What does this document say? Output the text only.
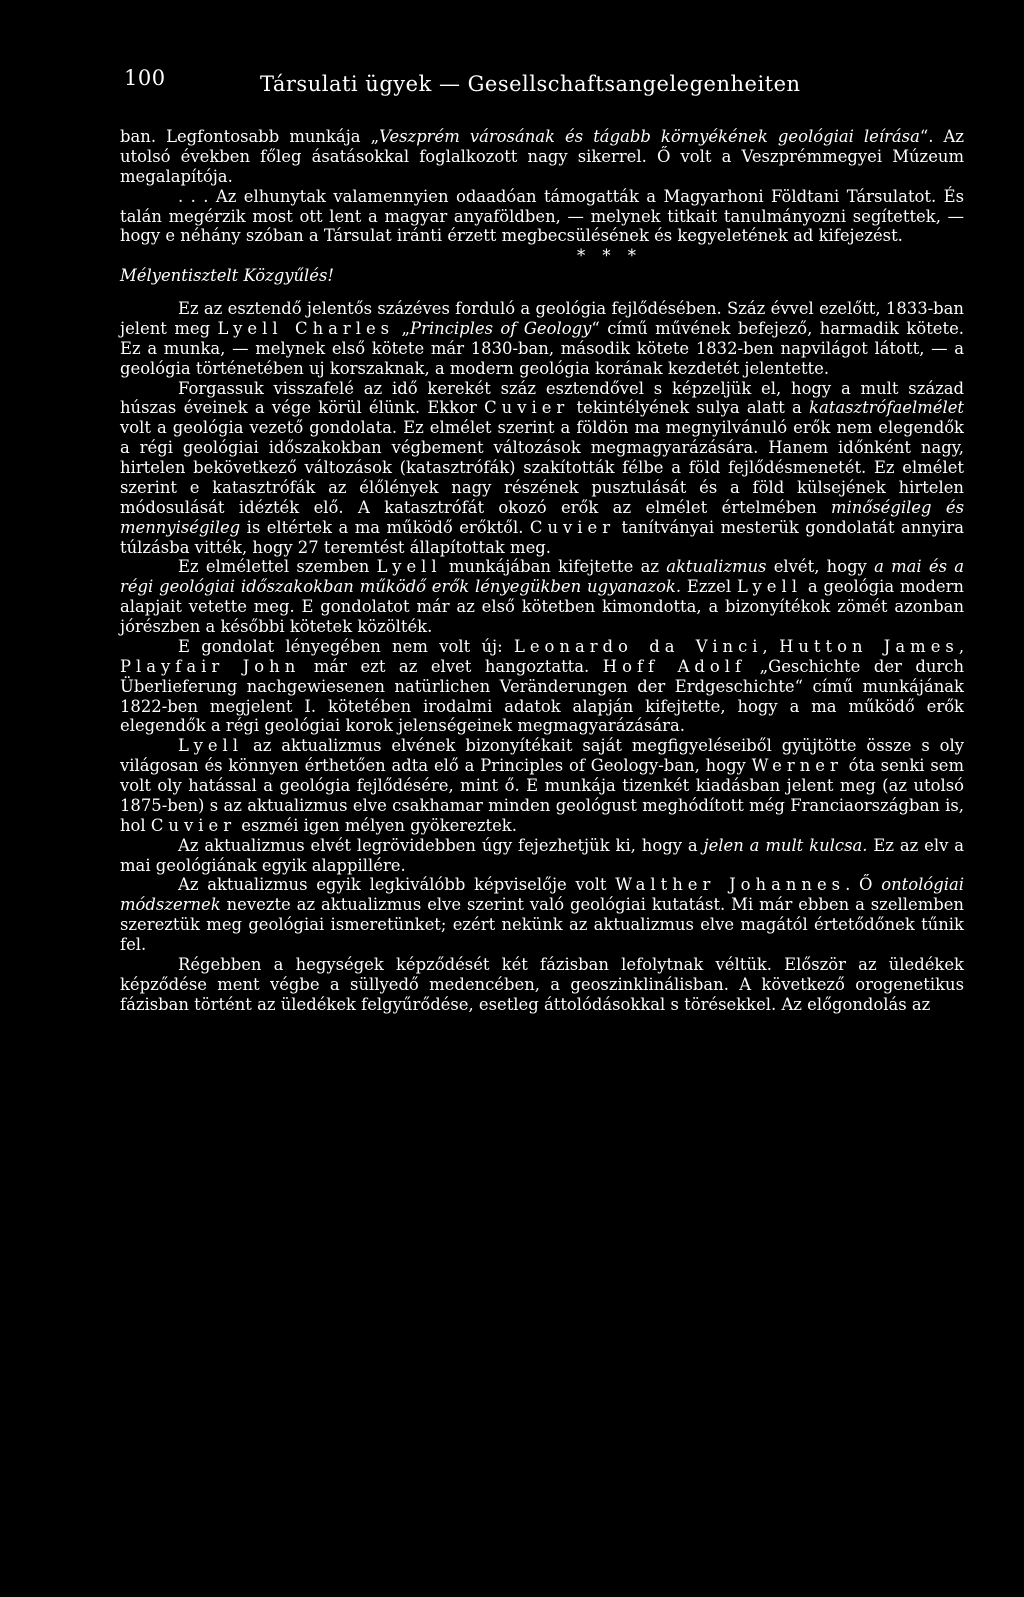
100	Társulati ügyek — Gesellschaftsangelegenheiten

ban. Legfontosabb munkája „Veszprém városának és tágabb környékének geológiai leírása“. Az utolsó években főleg ásatásokkal foglalkozott nagy sikerrel. Ő volt a Veszprémmegyei Múzeum megalapítója.

. . . Az elhunytak valamennyien odaadóan támogatták a Magyarhoni Földtani Társulatot. És talán megérzik most ott lent a magyar anyaföldben, — melynek titkait tanulmányozni segítettek, — hogy e néhány szóban a Társulat iránti érzett megbecsülésének és kegyeletének ad kifejezést.

* * *

Mélyentisztelt Közgyűlés!

Ez az esztendő jelentős százéves forduló a geológia fejlődésében. Száz évvel ezelőtt, 1833-ban jelent meg Lyell Charles „Principles of Geology“ című művének befejező, harmadik kötete. Ez a munka, — melynek első kötete már 1830-ban, második kötete 1832-ben napvilágot látott, — a geológia történetében uj korszaknak, a modern geológia korának kezdetét jelentette.

Forgassuk visszafelé az idő kerekét száz esztendővel s képzeljük el, hogy a mult század húszas éveinek a vége körül élünk. Ekkor Cuvier tekintélyének sulya alatt a katasztrófaelmélet volt a geológia vezető gondolata. Ez elmélet szerint a földön ma megnyilvánuló erők nem elegendők a régi geológiai időszakokban végbement változások megmagyarázására. Hanem időnként nagy, hirtelen bekövetkező változások (katasztrófák) szakították félbe a föld fejlődésmenetét. Ez elmélet szerint e katasztrófák az élőlények nagy részének pusztulását és a föld külsejének hirtelen módosulását idézték elő. A katasztrófát okozó erők az elmélet értelmében minőségileg és mennyiségileg is eltértek a ma működő erőktől. Cuvier tanítványai mesterük gondolatát annyira túlzásba vitték, hogy 27 teremtést állapítottak meg.

Ez elmélettel szemben Lyell munkájában kifejtette az aktualizmus elvét, hogy a mai és a régi geológiai időszakokban működő erők lényegükben ugyanazok. Ezzel Lyell a geológia modern alapjait vetette meg. E gondolatot már az első kötetben kimondotta, a bizonyítékok zömét azonban jórészben a későbbi kötetek közölték.

E gondolat lényegében nem volt új: Leonardo da Vinci, Hutton James, Playfair John már ezt az elvet hangoztatta. Hoff Adolf „Geschichte der durch Überlieferung nachgewiesenen natürlichen Veränderungen der Erdgeschichte“ című munkájának 1822-ben megjelent I. kötetében irodalmi adatok alapján kifejtette, hogy a ma működő erők elegendők a régi geológiai korok jelenségeinek megmagyarázására.

Lyell az aktualizmus elvének bizonyítékait saját megfigyeléseiből gyüjtötte össze s oly világosan és könnyen érthetően adta elő a Principles of Geology-ban, hogy Werner óta senki sem volt oly hatással a geológia fejlődésére, mint ő. E munkája tizenkét kiadásban jelent meg (az utolsó 1875-ben) s az aktualizmus elve csakhamar minden geológust meghódított még Franciaországban is, hol Cuvier eszméi igen mélyen gyökereztek.

Az aktualizmus elvét legrövidebben úgy fejezhetjük ki, hogy a jelen a mult kulcsa. Ez az elv a mai geológiának egyik alappillére.

Az aktualizmus egyik legkiválóbb képviselője volt Walther Johannes. Ő ontológiai módszernek nevezte az aktualizmus elve szerint való geológiai kutatást. Mi már ebben a szellemben szereztük meg geológiai ismeretünket; ezért nekünk az aktualizmus elve magától értetődőnek tűnik fel.

Régebben a hegységek képződését két fázisban lefolytnak véltük. Először az üledékek képződése ment végbe a süllyedő medencében, a geoszinklinálisban. A következő orogenetikus fázisban történt az üledékek felgyűrődése, esetleg áttolódásokkal s törésekkel. Az előgondolás az
